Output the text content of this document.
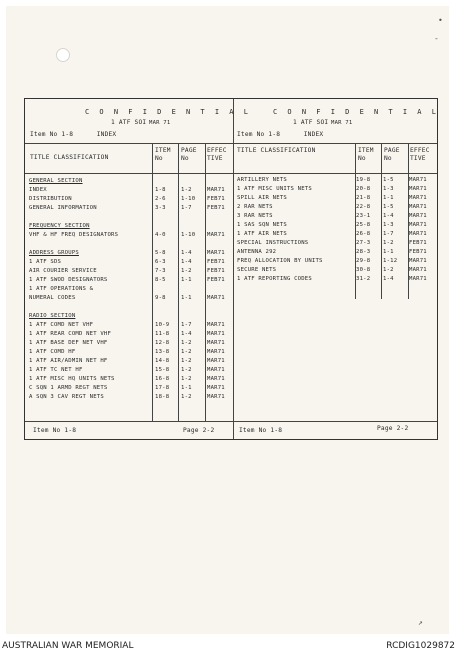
•
-
↗
C O N F I D E N T I A L
1 ATF SOI MAR 71
Item No 1-8      INDEX
TITLE CLASSIFICATION
ITEM
No
PAGE
No
EFFEC
TIVE
GENERAL SECTION
INDEX	1-8	1-2	MAR71
DISTRIBUTION	2-6	1-10 FEB71
GENERAL INFORMATION	3-3	1-7	FEB71
FREQUENCY SECTION
VHF & HF FREQ DESIGNATORS	4-0	1-10 MAR71
ADDRESS GROUPS	5-8	1-4	MAR71
1 ATF SDS	6-3	1-4	FEB71
AIR COURIER SERVICE	7-3	1-2	FEB71
1 ATF SWOD DESIGNATORS	8-5	1-1	FEB71
1 ATF OPERATIONS &
NUMERAL CODES	9-8	1-1	MAR71
RADIO SECTION
1 ATF COMD NET VHF	10-9 1-7	MAR71
1 ATF REAR COMD NET VHF	11-8 1-4	MAR71
1 ATF BASE DEF NET VHF	12-8 1-2	MAR71
1 ATF COMD HF	13-8 1-2	MAR71
1 ATF AIR/ADMIN NET HF	14-8 1-2	MAR71
1 ATF TC NET HF	15-8 1-2	MAR71
1 ATF MISC HQ UNITS NETS	16-8 1-2	MAR71
C SQN 1 ARMD REGT NETS	17-8 1-1	MAR71
A SQN 3 CAV REGT NETS	18-8 1-2	MAR71
Item No 1-8	Page 2-2
C O N F I D E N T I A L
1 ATF SOI MAR 71
Item No 1-8      INDEX
TITLE CLASSIFICATION	ITEM
No
PAGE
No
EFFEC
TIVE
ARTILLERY NETS	19-8 1-5	MAR71
1 ATF MISC UNITS NETS	20-8 1-3	MAR71
SPILL AIR NETS	21-8 1-1	MAR71
2 RAR NETS	22-8 1-5	MAR71
3 RAR NETS	23-1 1-4	MAR71
1 SAS SQN NETS	25-8 1-3	MAR71
1 ATF AIR NETS	26-8 1-7	MAR71
SPECIAL INSTRUCTIONS	27-3 1-2	FEB71
ANTENNA 292	28-3 1-1	FEB71
FREQ ALLOCATION BY UNITS	29-8 1-12 MAR71
SECURE NETS	30-8 1-2	MAR71
1 ATF REPORTING CODES	31-2 1-4	MAR71
Item No 1-8	Page 2-2
AUSTRALIAN WAR MEMORIAL	RCDIG1029872
